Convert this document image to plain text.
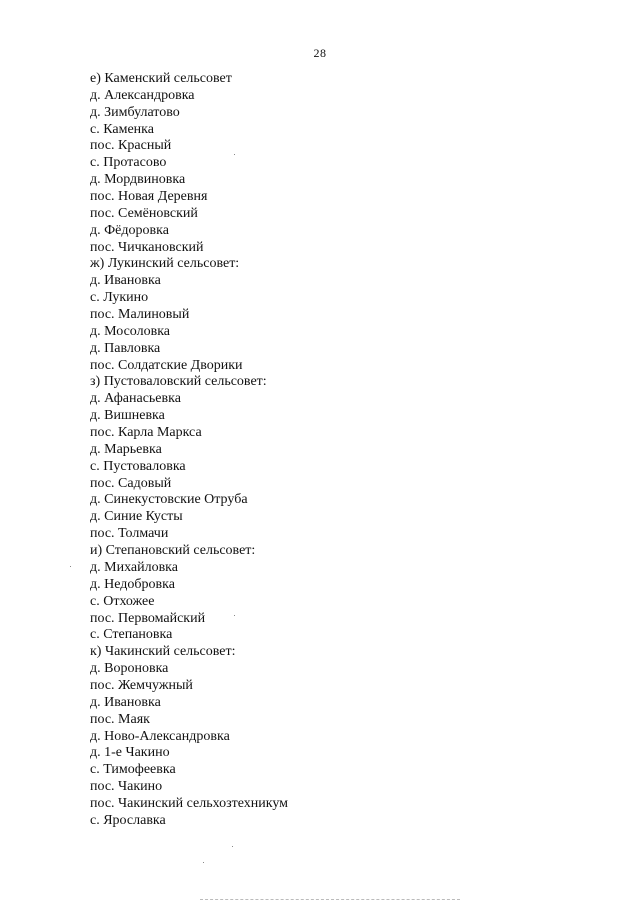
28
е) Каменский сельсовет
д. Александровка
д. Зимбулатово
с. Каменка
пос. Красный
с. Протасово
д. Мордвиновка
пос. Новая Деревня
пос. Семёновский
д. Фёдоровка
пос. Чичкановский
ж) Лукинский сельсовет:
д. Ивановка
с. Лукино
пос. Малиновый
д. Мосоловка
д. Павловка
пос. Солдатские Дворики
з) Пустоваловский сельсовет:
д. Афанасьевка
д. Вишневка
пос. Карла Маркса
д. Марьевка
с. Пустоваловка
пос. Садовый
д. Синекустовские Отруба
д. Синие Кусты
пос. Толмачи
и) Степановский сельсовет:
д. Михайловка
д. Недобровка
с. Отхожее
пос. Первомайский
с. Степановка
к) Чакинский сельсовет:
д. Вороновка
пос. Жемчужный
д. Ивановка
пос. Маяк
д. Ново-Александровка
д. 1-е Чакино
с. Тимофеевка
пос. Чакино
пос. Чакинский сельхозтехникум
с. Ярославка
